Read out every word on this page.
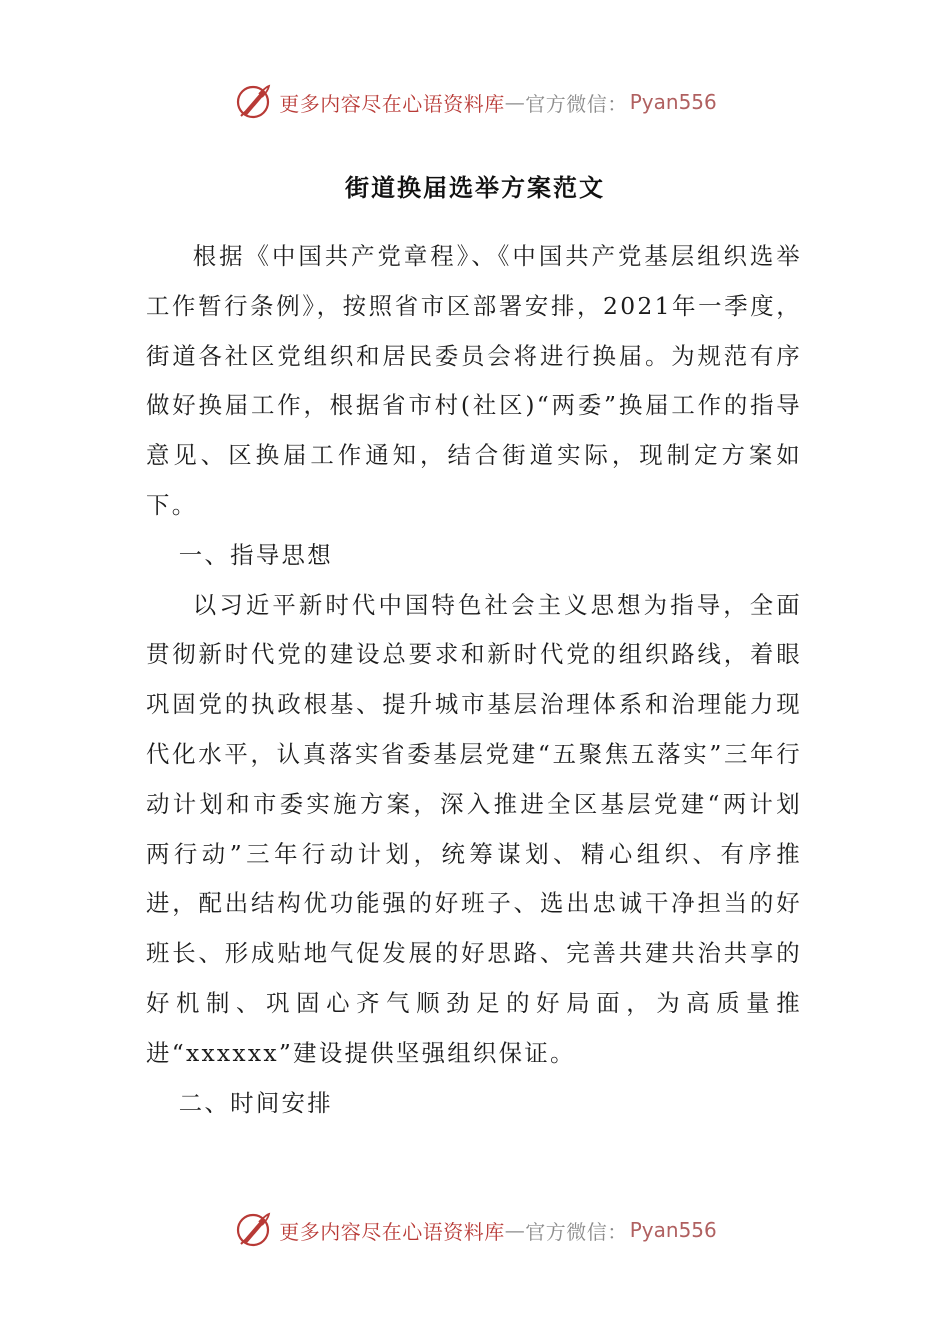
更多内容尽在心语资料库 — 官方微信： Pyan556
街道换届选举方案范文

根据《中国共产党章程》、《中国共产党基层组织选举工作暂行条例》，按照省市区部署安排，2021年一季度，街道各社区党组织和居民委员会将进行换届。为规范有序做好换届工作，根据省市村(社区)“两委”换届工作的指导意见、区换届工作通知，结合街道实际，现制定方案如下。

一、指导思想

以习近平新时代中国特色社会主义思想为指导，全面贯彻新时代党的建设总要求和新时代党的组织路线，着眼巩固党的执政根基、提升城市基层治理体系和治理能力现代化水平，认真落实省委基层党建“五聚焦五落实”三年行动计划和市委实施方案，深入推进全区基层党建“两计划两行动”三年行动计划，统筹谋划、精心组织、有序推进，配出结构优功能强的好班子、选出忠诚干净担当的好班长、形成贴地气促发展的好思路、完善共建共治共享的好机制、巩固心齐气顺劲足的好局面，为高质量推进“xxxxxx”建设提供坚强组织保证。

二、时间安排

更多内容尽在心语资料库 — 官方微信： Pyan556
